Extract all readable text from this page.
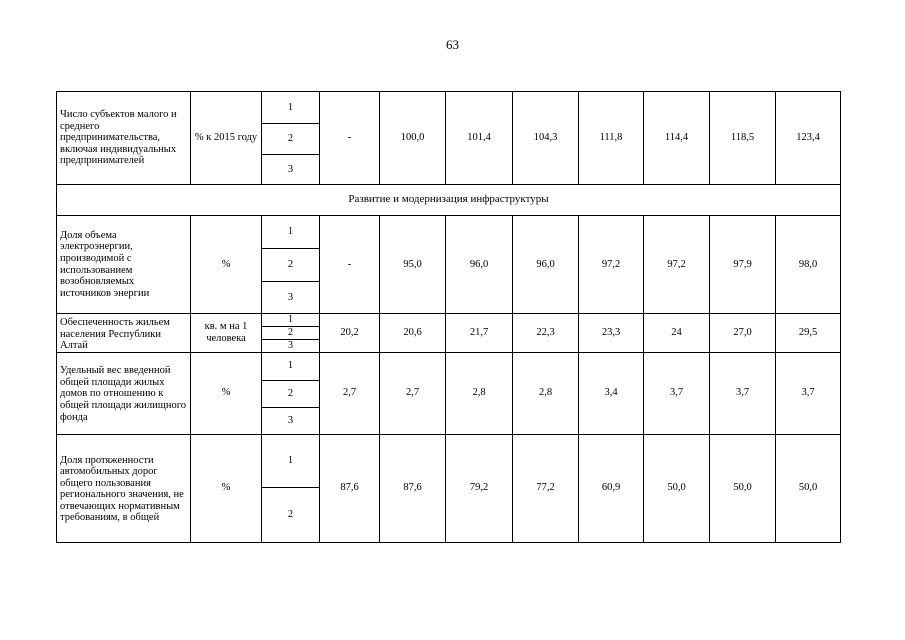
63
Число субъектов малого и среднего предпринимательства, включая индивидуальных предпринимателей	% к 2015 году	1	-	100,0	101,4	104,3	111,8	114,4	118,5	123,4
		2								
		3								
Развитие и модернизация инфраструктуры										
Доля объема электроэнергии, производимой с использованием возобновляемых источников энергии	%	1	-	95,0	96,0	96,0	97,2	97,2	97,9	98,0
		2								
		3								
Обеспеченность жильем населения Республики Алтай	кв. м на 1 человека	1	20,2	20,6	21,7	22,3	23,3	24	27,0	29,5
		2								
		3								
Удельный вес введенной общей площади жилых домов по отношению к общей площади жилищного фонда	%	1	2,7	2,7	2,8	2,8	3,4	3,7	3,7	3,7
		2								
		3								
Доля протяженности автомобильных дорог общего пользования регионального значения, не отвечающих нормативным требованиям, в общей	%	1	87,6	87,6	79,2	77,2	60,9	50,0	50,0	50,0
		2								
